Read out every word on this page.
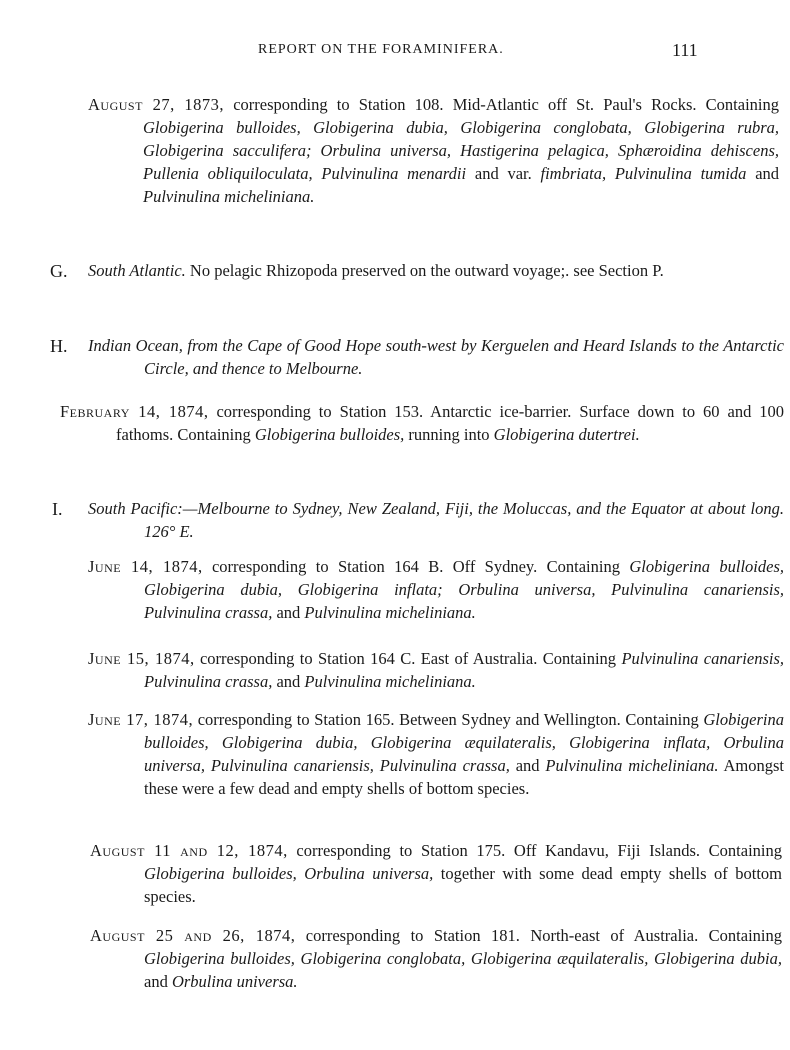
REPORT ON THE FORAMINIFERA.	111
August 27, 1873, corresponding to Station 108. Mid-Atlantic off St. Paul's Rocks. Containing Globigerina bulloides, Globigerina dubia, Globigerina conglobata, Globigerina rubra, Globigerina sacculifera; Orbulina universa, Hastigerina pelagica, Sphæroidina dehiscens, Pullenia obliquiloculata, Pulvinulina menardii and var. fimbriata, Pulvinulina tumida and Pulvinulina micheliniana.
G. South Atlantic. No pelagic Rhizopoda preserved on the outward voyage;. see Section P.
H. Indian Ocean, from the Cape of Good Hope south-west by Kerguelen and Heard Islands to the Antarctic Circle, and thence to Melbourne.
February 14, 1874, corresponding to Station 153. Antarctic ice-barrier. Surface down to 60 and 100 fathoms. Containing Globigerina bulloides, running into Globigerina dutertrei.
I. South Pacific:—Melbourne to Sydney, New Zealand, Fiji, the Moluccas, and the Equator at about long. 126° E.
June 14, 1874, corresponding to Station 164 B. Off Sydney. Containing Globigerina bulloides, Globigerina dubia, Globigerina inflata; Orbulina universa, Pulvinulina canariensis, Pulvinulina crassa, and Pulvinulina micheliniana.
June 15, 1874, corresponding to Station 164 C. East of Australia. Containing Pulvinulina canariensis, Pulvinulina crassa, and Pulvinulina micheliniana.
June 17, 1874, corresponding to Station 165. Between Sydney and Wellington. Containing Globigerina bulloides, Globigerina dubia, Globigerina æquilateralis, Globigerina inflata, Orbulina universa, Pulvinulina canariensis, Pulvinulina crassa, and Pulvinulina micheliniana. Amongst these were a few dead and empty shells of bottom species.
August 11 and 12, 1874, corresponding to Station 175. Off Kandavu, Fiji Islands. Containing Globigerina bulloides, Orbulina universa, together with some dead empty shells of bottom species.
August 25 and 26, 1874, corresponding to Station 181. North-east of Australia. Containing Globigerina bulloides, Globigerina conglobata, Globigerina æquilateralis, Globigerina dubia, and Orbulina universa.
